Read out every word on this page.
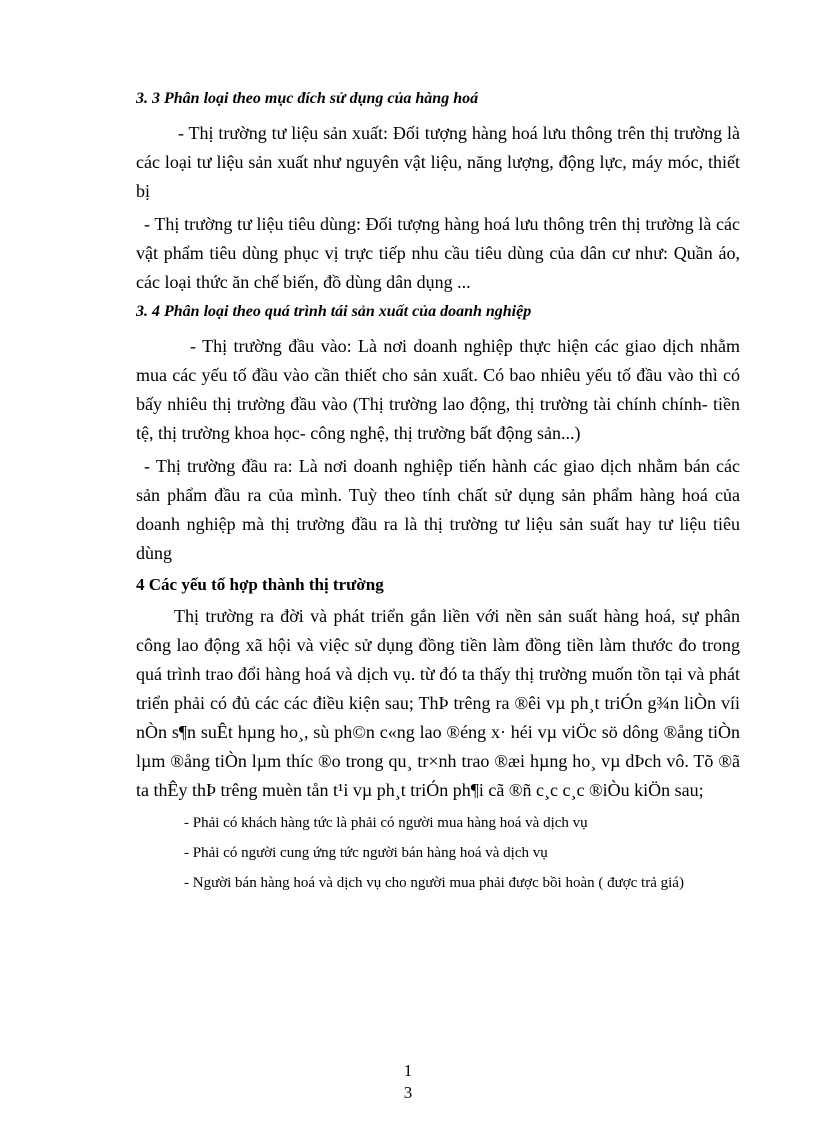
3. 3 Phân loại theo mục đích sử dụng của hàng hoá

- Thị trường tư liệu sản xuất: Đối tượng hàng hoá lưu thông trên thị trường là các loại tư liệu sản xuất như nguyên vật liệu, năng lượng, động lực, máy móc, thiết bị

- Thị trường tư liệu tiêu dùng: Đối tượng hàng hoá lưu thông trên thị trường là các vật phẩm tiêu dùng phục vị trực tiếp nhu cầu tiêu dùng của dân cư như: Quần áo, các loại thức ăn chế biến, đồ dùng dân dụng ...

3. 4 Phân loại theo quá trình tái sản xuất của doanh nghiệp

- Thị trường đầu vào: Là nơi doanh nghiệp thực hiện các giao dịch nhằm mua các yếu tố đầu vào cần thiết cho sản xuất. Có bao nhiêu yếu tố đầu vào thì có bấy nhiêu thị trường đầu vào (Thị trường lao động, thị trường tài chính chính- tiền tệ, thị trường khoa học- công nghệ, thị trường bất động sản...)

- Thị trường đầu ra: Là nơi doanh nghiệp tiến hành các giao dịch nhằm bán các sản phẩm đầu ra của mình. Tuỳ theo tính chất sử dụng sản phẩm hàng hoá của doanh nghiệp mà thị trường đầu ra là thị trường tư liệu sản suất hay tư liệu tiêu dùng

4 Các yếu tố hợp thành thị trường

Thị trường ra đời và phát triển gắn liền với nền sản suất hàng hoá, sự phân công lao động xã hội và việc sử dụng đồng tiền làm đồng tiền làm thước đo trong quá trình trao đổi hàng hoá và dịch vụ. từ đó ta thấy thị trường muốn tồn tại và phát triển phải có đủ các các điều kiện sau; ThÞ trêng ra ®êi vµ ph¸t triÓn g¾n liÒn víi nÒn s¶n suÊt hµng ho¸, sù ph©n c«ng lao ®éng x· héi vµ viÖc sö dông ®ång tiÒn lµm ®ång tiÒn lµm thíc ®o trong qu¸ tr×nh trao ®æi hµng ho¸ vµ dÞch vô. Tõ ®ã ta thÊy thÞ trêng muèn tån t¹i vµ ph¸t triÓn ph¶i cã ®ñ c¸c c¸c ®iÒu kiÖn sau;

- Phải có khách hàng tức là phải có người mua hàng hoá và dịch vụ

- Phải có người cung ứng tức người bán hàng hoá và dịch vụ

- Người bán hàng hoá và dịch vụ cho người mua phải được bồi hoàn ( được trả giá)

1
3
